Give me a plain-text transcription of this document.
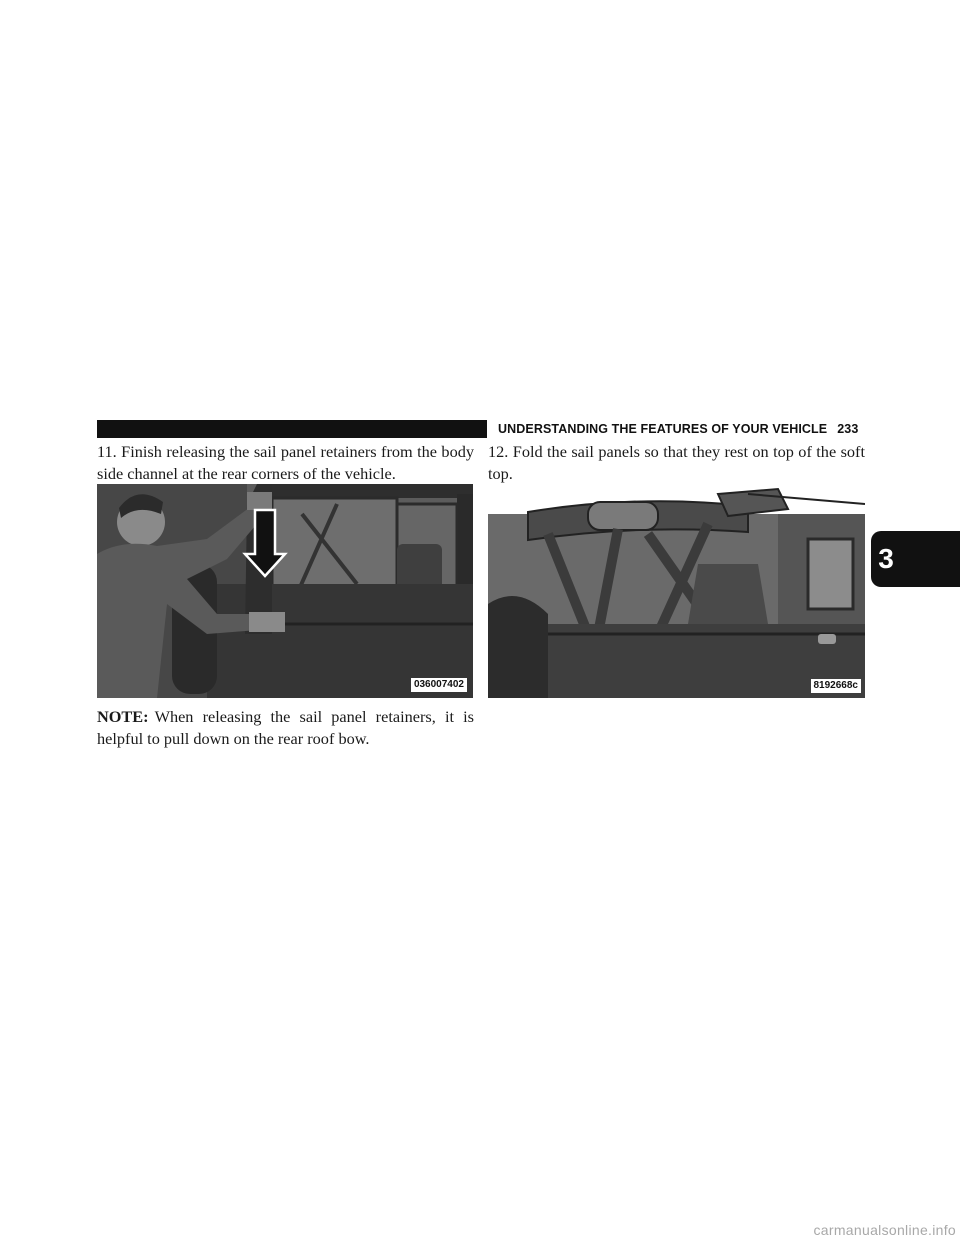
UNDERSTANDING THE FEATURES OF YOUR VEHICLE 233
3

11. Finish releasing the sail panel retainers from the body side channel at the rear corners of the vehicle.

036007402
NOTE: When releasing the sail panel retainers, it is helpful to pull down on the rear roof bow.

12. Fold the sail panels so that they rest on top of the soft top.

8192668c
carmanualsonline.info
